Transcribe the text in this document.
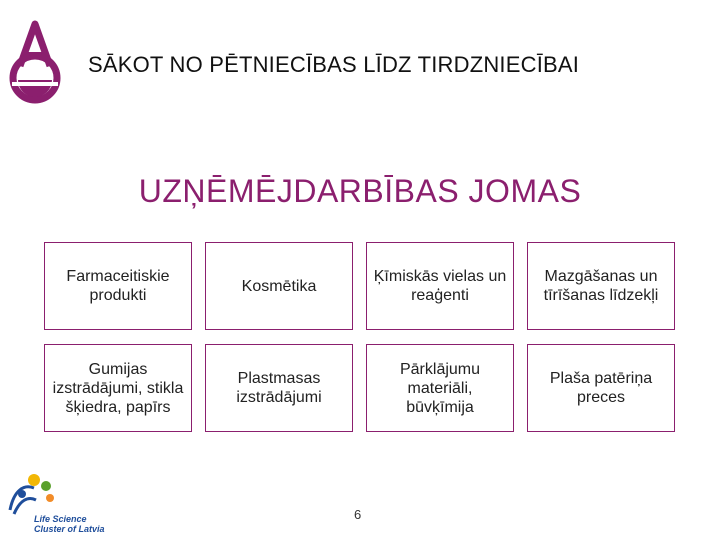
SĀKOT NO PĒTNIECĪBAS LĪDZ TIRDZNIECĪBAI
UZŅĒMĒJDARBĪBAS JOMAS
Farmaceitiskie produkti
Kosmētika
Ķīmiskās vielas un reaģenti
Mazgāšanas un tīrīšanas līdzekļi
Gumijas izstrādājumi, stikla šķiedra, papīrs
Plastmasas izstrādājumi
Pārklājumu materiāli, būvķīmija
Plaša patēriņa preces
6
Life Science
Cluster of Latvia
